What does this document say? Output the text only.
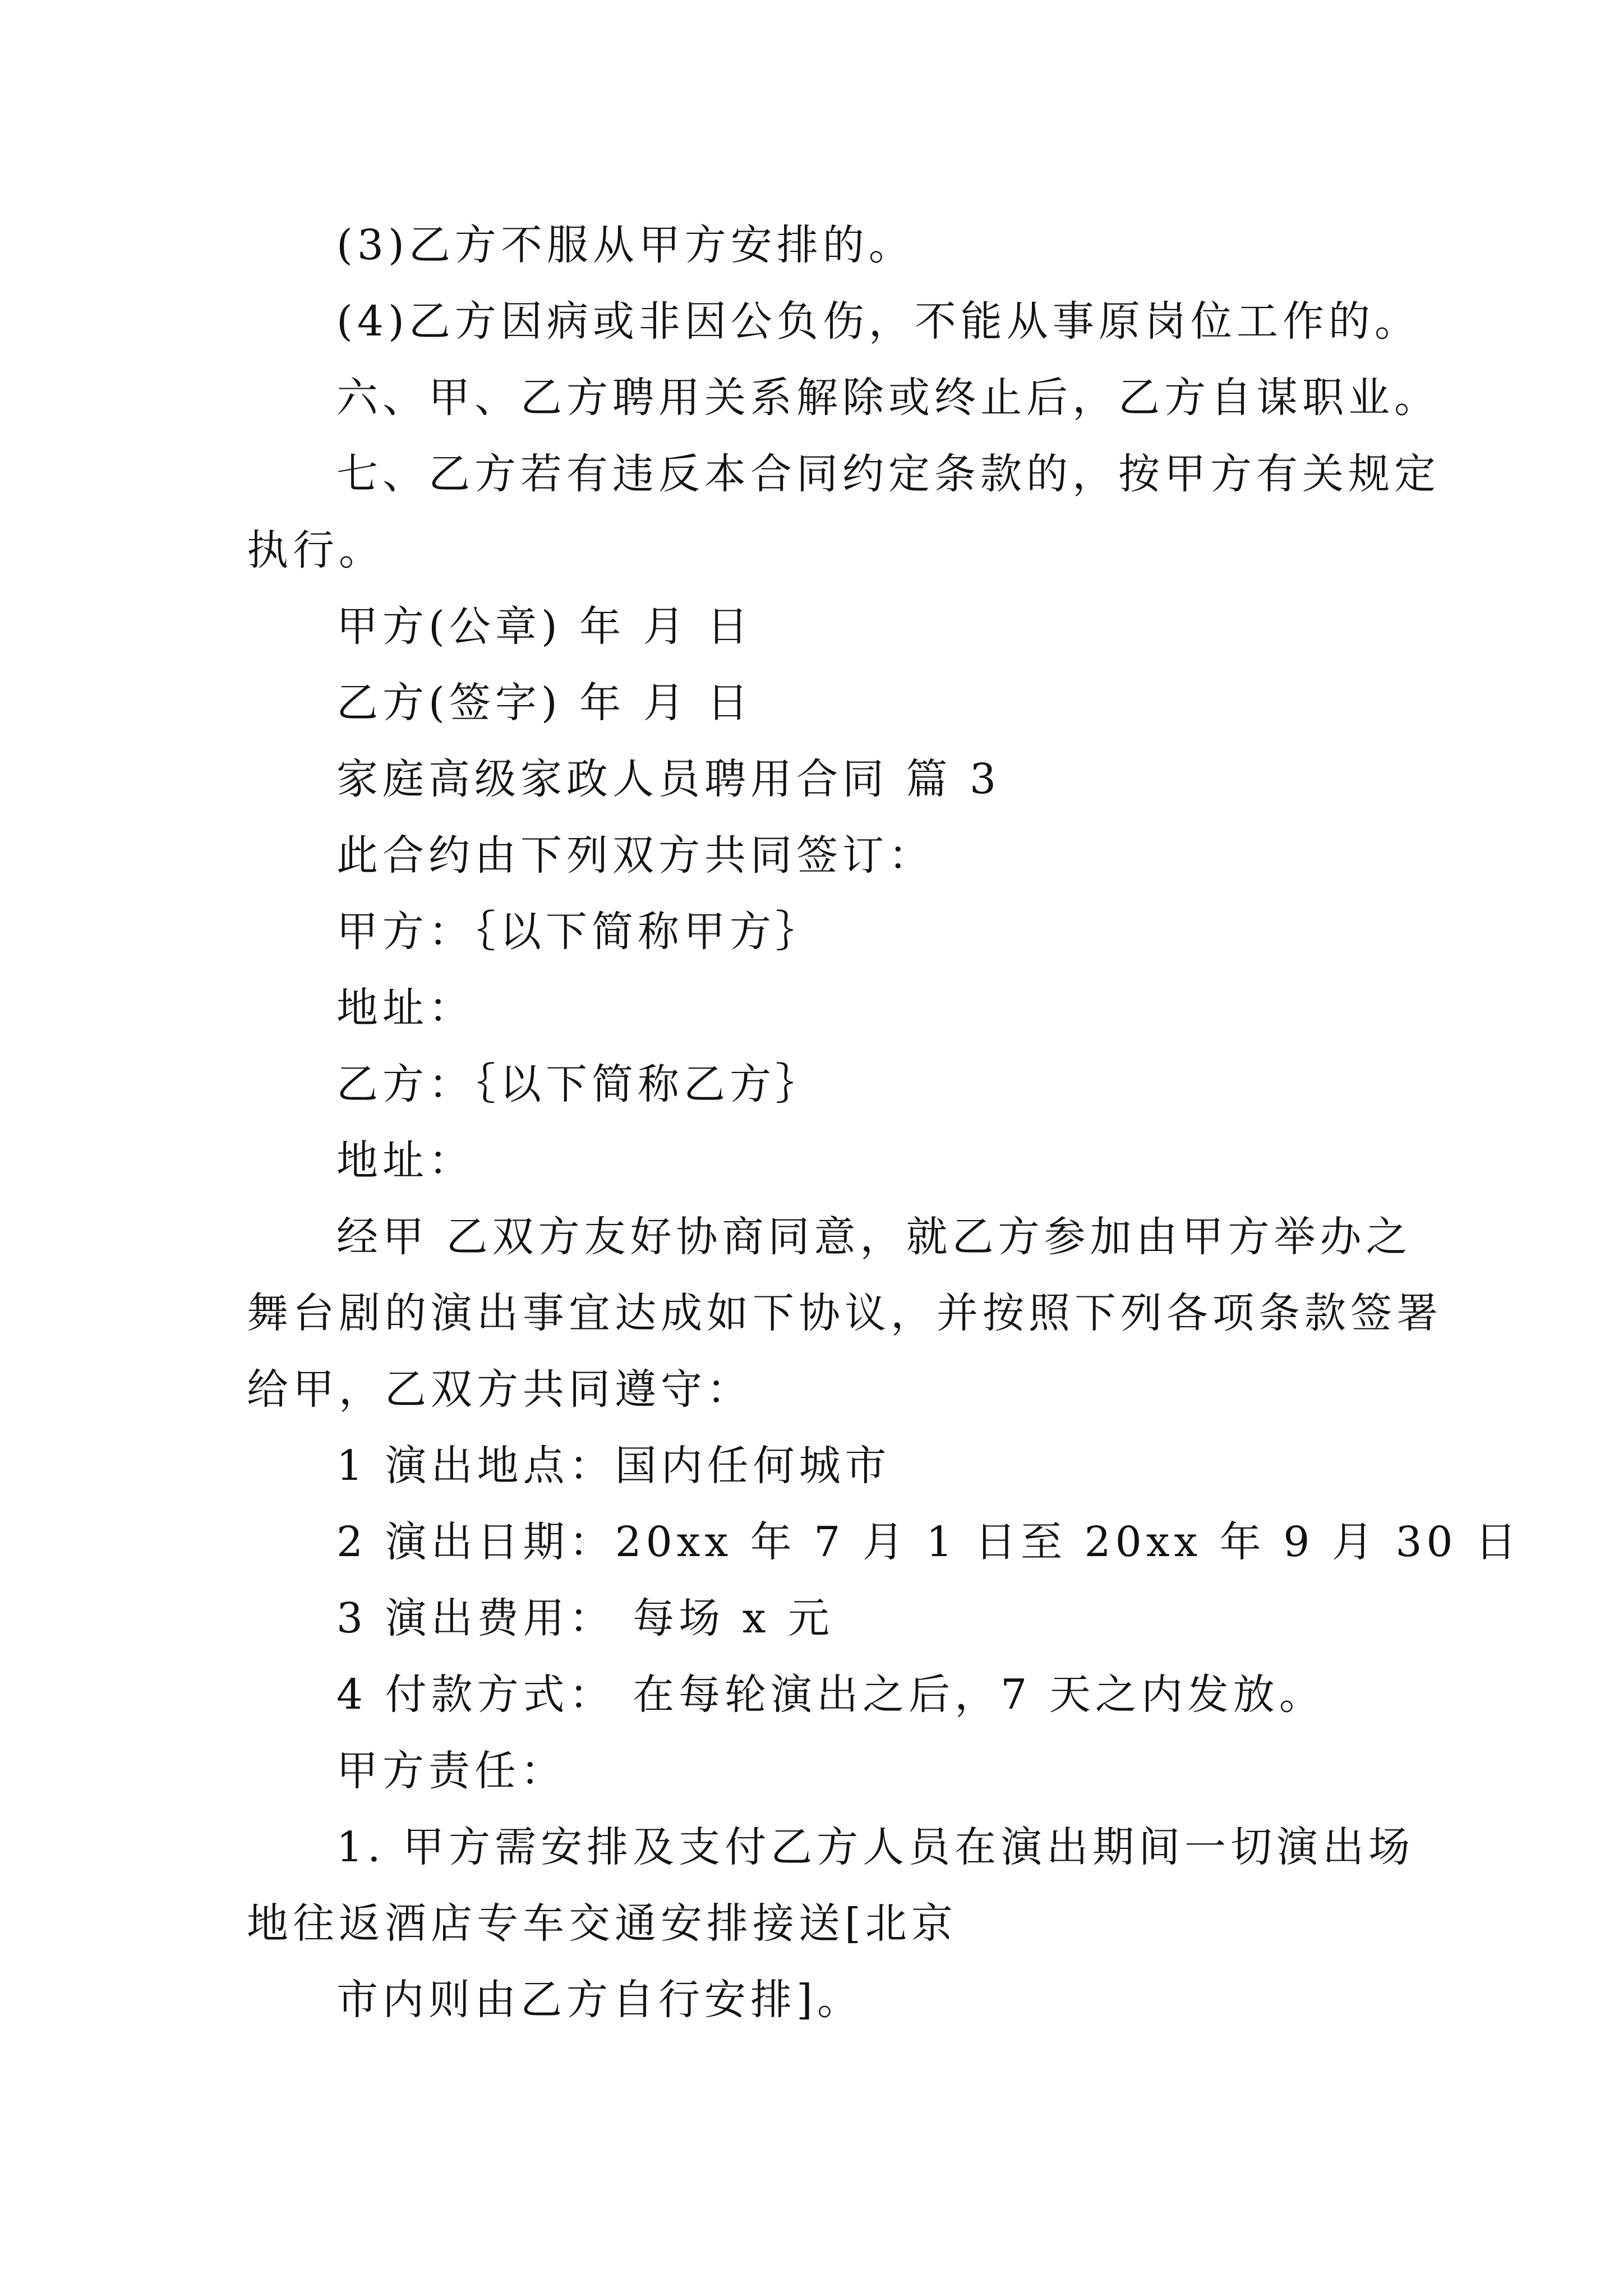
(3)乙方不服从甲方安排的。

(4)乙方因病或非因公负伤，不能从事原岗位工作的。

六、甲、乙方聘用关系解除或终止后，乙方自谋职业。

七、乙方若有违反本合同约定条款的，按甲方有关规定

执行。

甲方(公章) 年 月 日

乙方(签字) 年 月 日

家庭高级家政人员聘用合同 篇 3

此合约由下列双方共同签订：

甲方：｛以下简称甲方｝

地址：

乙方：｛以下简称乙方｝

地址：

经甲 乙双方友好协商同意，就乙方参加由甲方举办之

舞台剧的演出事宜达成如下协议，并按照下列各项条款签署

给甲，乙双方共同遵守：

1 演出地点：国内任何城市

2 演出日期：20xx 年 7 月 1 日至 20xx 年 9 月 30 日

3 演出费用： 每场 x 元

4 付款方式： 在每轮演出之后，7 天之内发放。

甲方责任：

1. 甲方需安排及支付乙方人员在演出期间一切演出场

地往返酒店专车交通安排接送[北京

市内则由乙方自行安排]。
